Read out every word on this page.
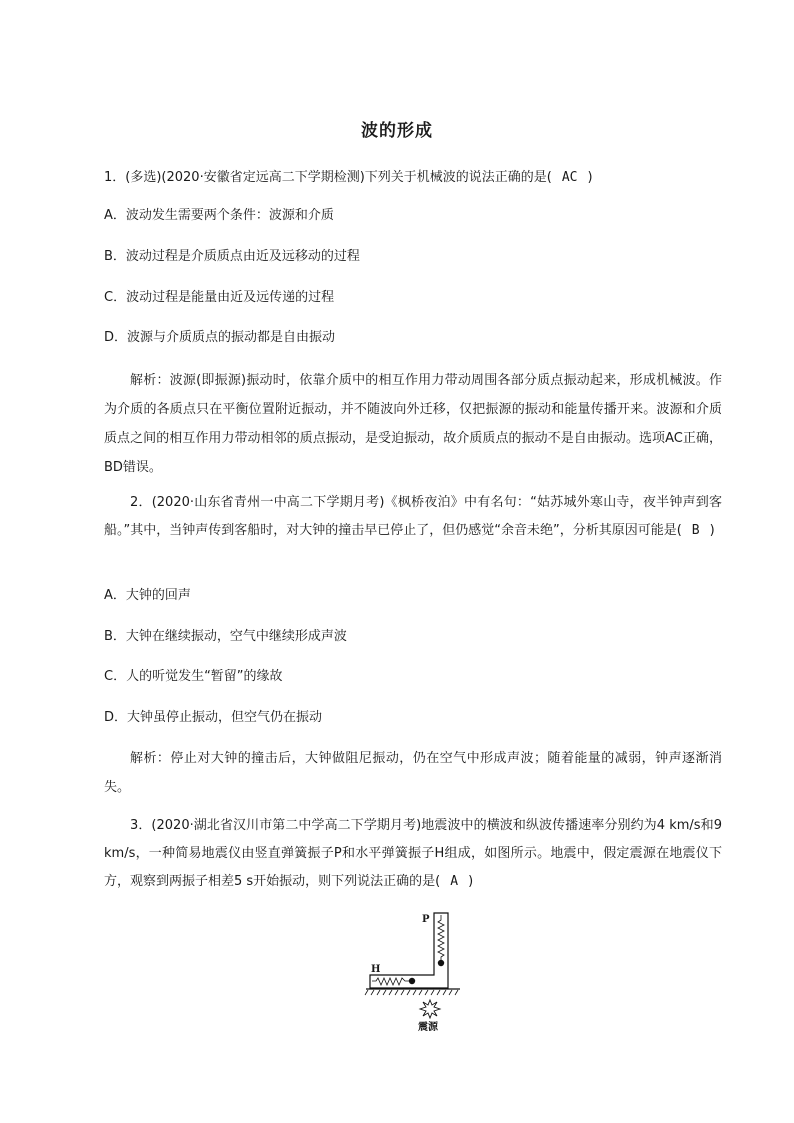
波的形成
1．(多选)(2020·安徽省定远高二下学期检测)下列关于机械波的说法正确的是( AC )
A．波动发生需要两个条件：波源和介质
B．波动过程是介质质点由近及远移动的过程
C．波动过程是能量由近及远传递的过程
D．波源与介质质点的振动都是自由振动
解析：波源(即振源)振动时，依靠介质中的相互作用力带动周围各部分质点振动起来，形成机械波。作为介质的各质点只在平衡位置附近振动，并不随波向外迁移，仅把振源的振动和能量传播开来。波源和介质质点之间的相互作用力带动相邻的质点振动，是受迫振动，故介质质点的振动不是自由振动。选项AC正确，BD错误。
2．(2020·山东省青州一中高二下学期月考)《枫桥夜泊》中有名句：“姑苏城外寒山寺，夜半钟声到客船。”其中，当钟声传到客船时，对大钟的撞击早已停止了，但仍感觉“余音未绝”，分析其原因可能是( B )
A．大钟的回声
B．大钟在继续振动，空气中继续形成声波
C．人的听觉发生“暂留”的缘故
D．大钟虽停止振动，但空气仍在振动
解析：停止对大钟的撞击后，大钟做阻尼振动，仍在空气中形成声波；随着能量的减弱，钟声逐渐消失。
3．(2020·湖北省汉川市第二中学高二下学期月考)地震波中的横波和纵波传播速率分别约为4 km/s和9 km/s，一种简易地震仪由竖直弹簧振子P和水平弹簧振子H组成，如图所示。地震中，假定震源在地震仪下方，观察到两振子相差5 s开始振动，则下列说法正确的是( A )
P
H
震源
